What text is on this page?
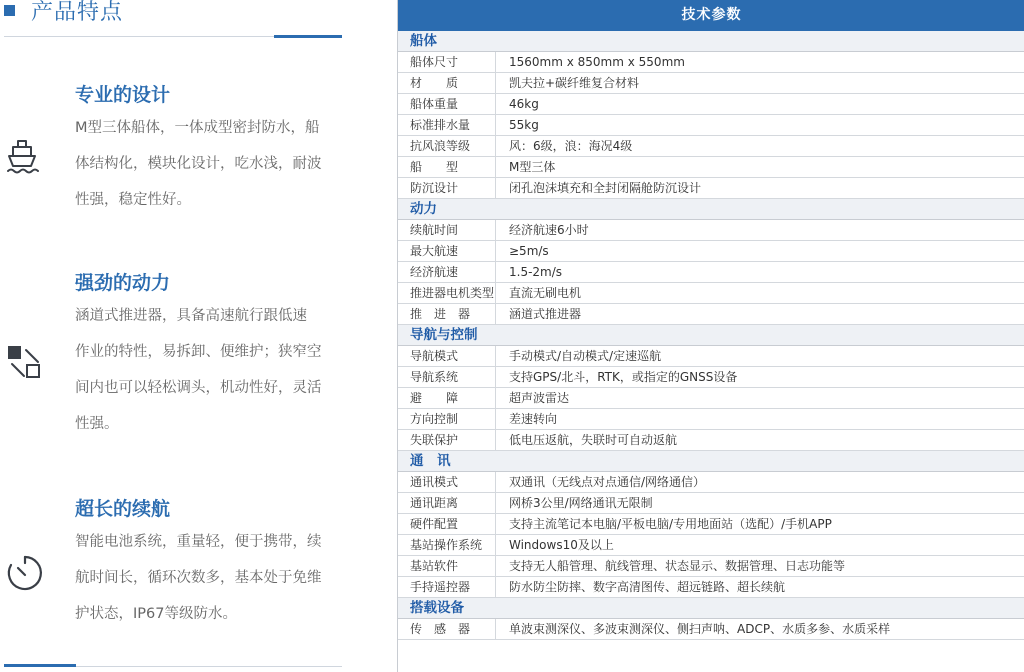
产品特点
专业的设计
M型三体船体，一体成型密封防水，船
体结构化，模块化设计，吃水浅，耐波
性强，稳定性好。
强劲的动力
涵道式推进器，具备高速航行跟低速
作业的特性，易拆卸、便维护；狭窄空
间内也可以轻松调头，机动性好，灵活
性强。
超长的续航
智能电池系统，重量轻，便于携带，续
航时间长，循环次数多，基本处于免维
护状态，IP67等级防水。
技术参数
船体
船体尺寸	1560mm x 850mm x 550mm
材　　质	凯夫拉+碳纤维复合材料
船体重量	46kg
标准排水量	55kg
抗风浪等级	风：6级，浪：海况4级
船　　型	M型三体
防沉设计	闭孔泡沫填充和全封闭隔舱防沉设计
动力
续航时间	经济航速6小时
最大航速	≥5m/s
经济航速	1.5-2m/s
推进器电机类型	直流无刷电机
推　进　器	涵道式推进器
导航与控制
导航模式	手动模式/自动模式/定速巡航
导航系统	支持GPS/北斗，RTK，或指定的GNSS设备
避　　障	超声波雷达
方向控制	差速转向
失联保护	低电压返航，失联时可自动返航
通　讯
通讯模式	双通讯（无线点对点通信/网络通信）
通讯距离	网桥3公里/网络通讯无限制
硬件配置	支持主流笔记本电脑/平板电脑/专用地面站（选配）/手机APP
基站操作系统	Windows10及以上
基站软件	支持无人船管理、航线管理、状态显示、数据管理、日志功能等
手持遥控器	防水防尘防摔、数字高清图传、超远链路、超长续航
搭载设备
传　感　器	单波束测深仪、多波束测深仪、侧扫声呐、ADCP、水质多参、水质采样
